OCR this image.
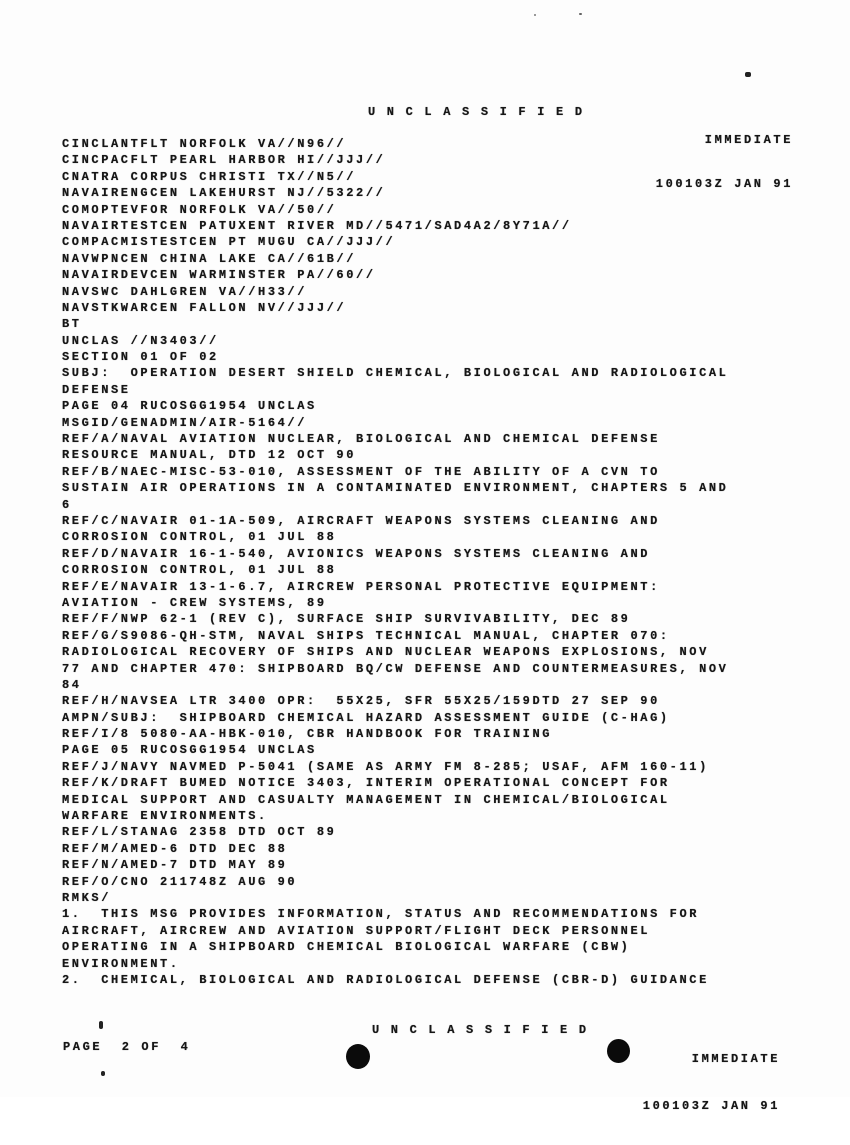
U N C L A S S I F I E D

IMMEDIATE

100103Z JAN 91

CINCLANTFLT NORFOLK VA//N96//
CINCPACFLT PEARL HARBOR HI//JJJ//
CNATRA CORPUS CHRISTI TX//N5//
NAVAIRENGCEN LAKEHURST NJ//5322//
COMOPTEVFOR NORFOLK VA//50//
NAVAIRTESTCEN PATUXENT RIVER MD//5471/SAD4A2/8Y71A//
COMPACMISTESTCEN PT MUGU CA//JJJ//
NAVWPNCEN CHINA LAKE CA//61B//
NAVAIRDEVCEN WARMINSTER PA//60//
NAVSWC DAHLGREN VA//H33//
NAVSTKWARCEN FALLON NV//JJJ//
BT
UNCLAS //N3403//
SECTION 01 OF 02
SUBJ:  OPERATION DESERT SHIELD CHEMICAL, BIOLOGICAL AND RADIOLOGICAL
DEFENSE
PAGE 04 RUCOSGG1954 UNCLAS
MSGID/GENADMIN/AIR-5164//
REF/A/NAVAL AVIATION NUCLEAR, BIOLOGICAL AND CHEMICAL DEFENSE
RESOURCE MANUAL, DTD 12 OCT 90
REF/B/NAEC-MISC-53-010, ASSESSMENT OF THE ABILITY OF A CVN TO
SUSTAIN AIR OPERATIONS IN A CONTAMINATED ENVIRONMENT, CHAPTERS 5 AND
6
REF/C/NAVAIR 01-1A-509, AIRCRAFT WEAPONS SYSTEMS CLEANING AND
CORROSION CONTROL, 01 JUL 88
REF/D/NAVAIR 16-1-540, AVIONICS WEAPONS SYSTEMS CLEANING AND
CORROSION CONTROL, 01 JUL 88
REF/E/NAVAIR 13-1-6.7, AIRCREW PERSONAL PROTECTIVE EQUIPMENT:
AVIATION - CREW SYSTEMS, 89
REF/F/NWP 62-1 (REV C), SURFACE SHIP SURVIVABILITY, DEC 89
REF/G/S9086-QH-STM, NAVAL SHIPS TECHNICAL MANUAL, CHAPTER 070:
RADIOLOGICAL RECOVERY OF SHIPS AND NUCLEAR WEAPONS EXPLOSIONS, NOV
77 AND CHAPTER 470: SHIPBOARD BQ/CW DEFENSE AND COUNTERMEASURES, NOV
84
REF/H/NAVSEA LTR 3400 OPR:  55X25, SFR 55X25/159DTD 27 SEP 90
AMPN/SUBJ:  SHIPBOARD CHEMICAL HAZARD ASSESSMENT GUIDE (C-HAG)
REF/I/8 5080-AA-HBK-010, CBR HANDBOOK FOR TRAINING
PAGE 05 RUCOSGG1954 UNCLAS
REF/J/NAVY NAVMED P-5041 (SAME AS ARMY FM 8-285; USAF, AFM 160-11)
REF/K/DRAFT BUMED NOTICE 3403, INTERIM OPERATIONAL CONCEPT FOR
MEDICAL SUPPORT AND CASUALTY MANAGEMENT IN CHEMICAL/BIOLOGICAL
WARFARE ENVIRONMENTS.
REF/L/STANAG 2358 DTD OCT 89
REF/M/AMED-6 DTD DEC 88
REF/N/AMED-7 DTD MAY 89
REF/O/CNO 211748Z AUG 90
RMKS/
1.  THIS MSG PROVIDES INFORMATION, STATUS AND RECOMMENDATIONS FOR
AIRCRAFT, AIRCREW AND AVIATION SUPPORT/FLIGHT DECK PERSONNEL
OPERATING IN A SHIPBOARD CHEMICAL BIOLOGICAL WARFARE (CBW)
ENVIRONMENT.
2.  CHEMICAL, BIOLOGICAL AND RADIOLOGICAL DEFENSE (CBR-D) GUIDANCE
U N C L A S S I F I E D

IMMEDIATE

100103Z JAN 91

PAGE  2 OF  4
